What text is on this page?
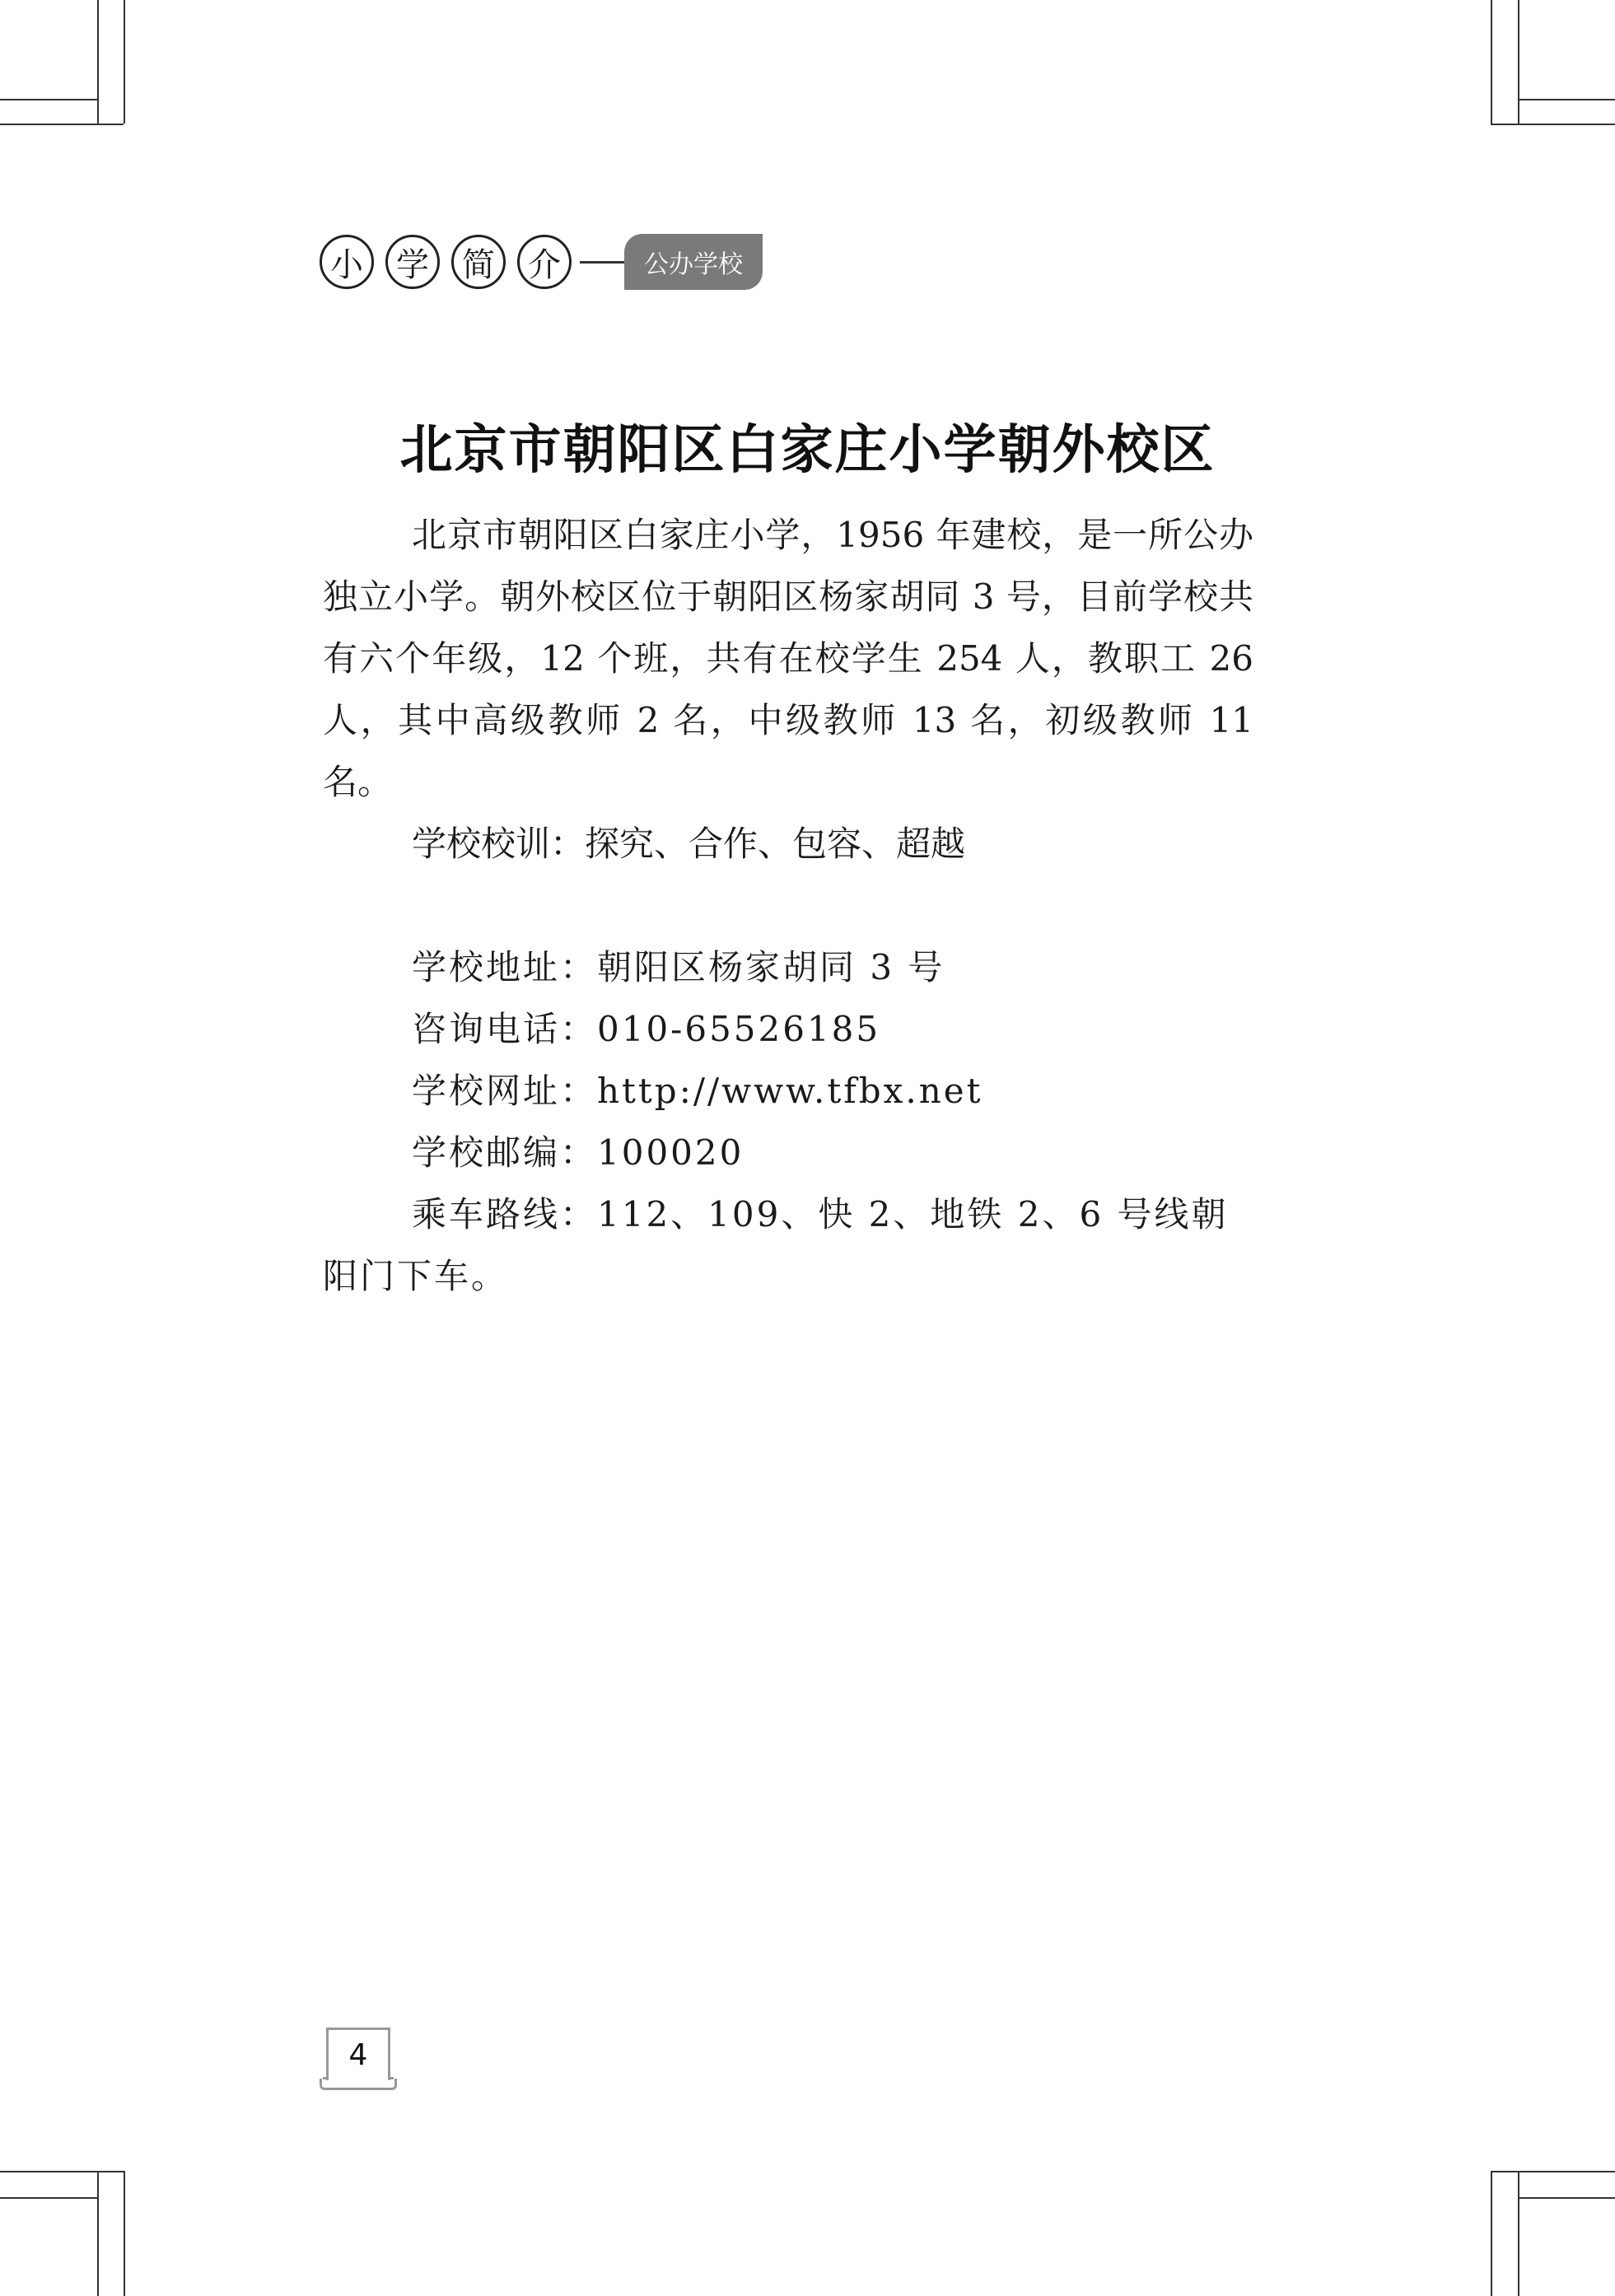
小	学	简	介	公办学校
北京市朝阳区白家庄小学朝外校区

北京市朝阳区白家庄小学，1956 年建校，是一所公办独立小学。朝外校区位于朝阳区杨家胡同 3 号，目前学校共有六个年级，12 个班，共有在校学生 254 人，教职工 26 人，其中高级教师 2 名，中级教师 13 名，初级教师 11 名。

学校校训：探究、合作、包容、超越

学校地址：朝阳区杨家胡同 3 号

咨询电话：010-65526185

学校网址：http://www.tfbx.net

学校邮编：100020

乘车路线：112、109、快 2、地铁 2、6 号线朝阳门下车。

4
